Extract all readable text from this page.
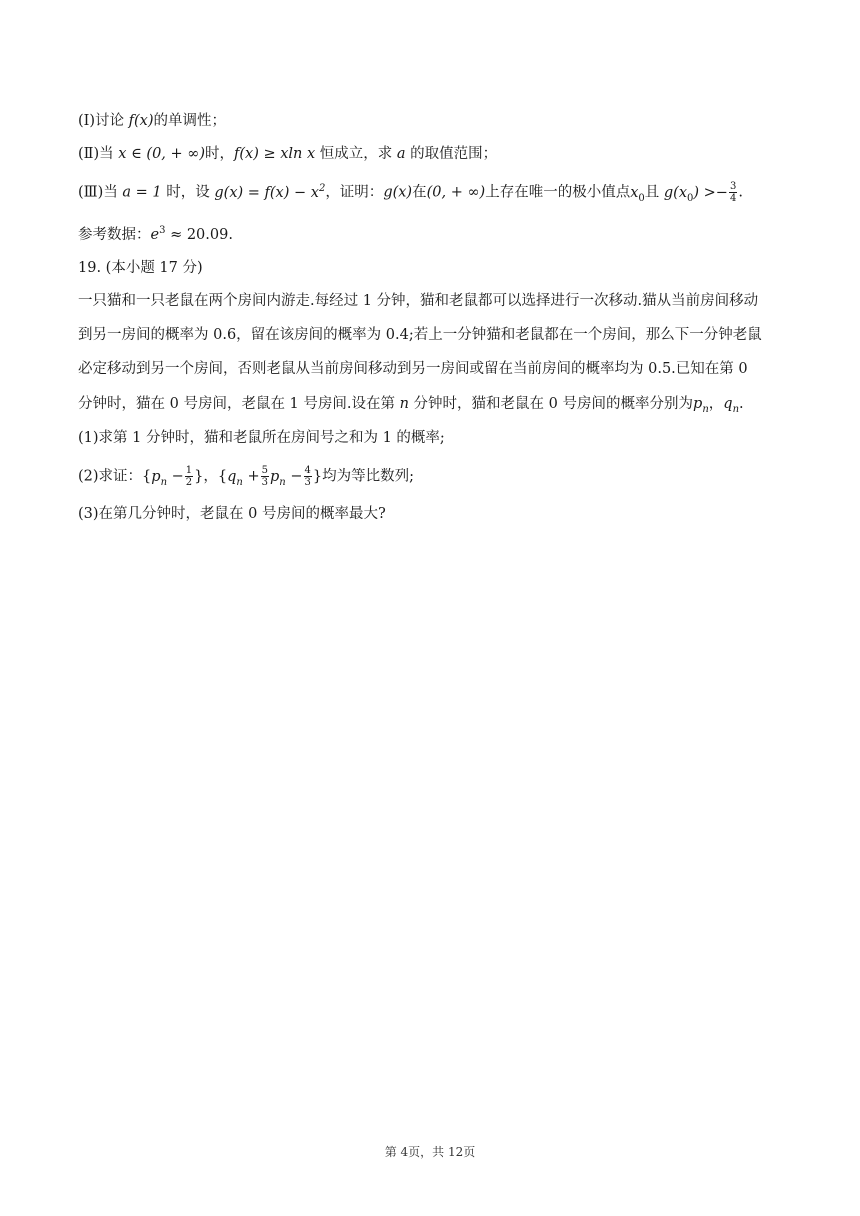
(Ⅰ)讨论 f(x)的单调性；
(Ⅱ)当 x ∈ (0, + ∞)时，f(x) ≥ xln x 恒成立，求 a 的取值范围；
(Ⅲ)当 a = 1 时，设 $g(x) = f(x) - x^2$，证明：g(x)在(0, + ∞)上存在唯一的极小值点$x_0$且 $g(x_0) >- \frac{3}{4}$ .
参考数据：$e^3 \approx 20.09$.
19. (本小题 17 分)
一只猫和一只老鼠在两个房间内游走.每经过 1 分钟，猫和老鼠都可以选择进行一次移动.猫从当前房间移动
到另一房间的概率为 0.6，留在该房间的概率为 0.4;若上一分钟猫和老鼠都在一个房间，那么下一分钟老鼠
必定移动到另一个房间，否则老鼠从当前房间移动到另一房间或留在当前房间的概率均为 0.5.已知在第 0
分钟时，猫在 0 号房间，老鼠在 1 号房间.设在第 n 分钟时，猫和老鼠在 0 号房间的概率分别为$p_n$，$q_n$.
(1)求第 1 分钟时，猫和老鼠所在房间号之和为 1 的概率;
(2)求证：{$p_n - \frac{1}{2}$ }，{$q_n + \frac{5}{3} p_n - \frac{4}{3}$ }均为等比数列;
(3)在第几分钟时，老鼠在 0 号房间的概率最大?
第 4页，共 12页
